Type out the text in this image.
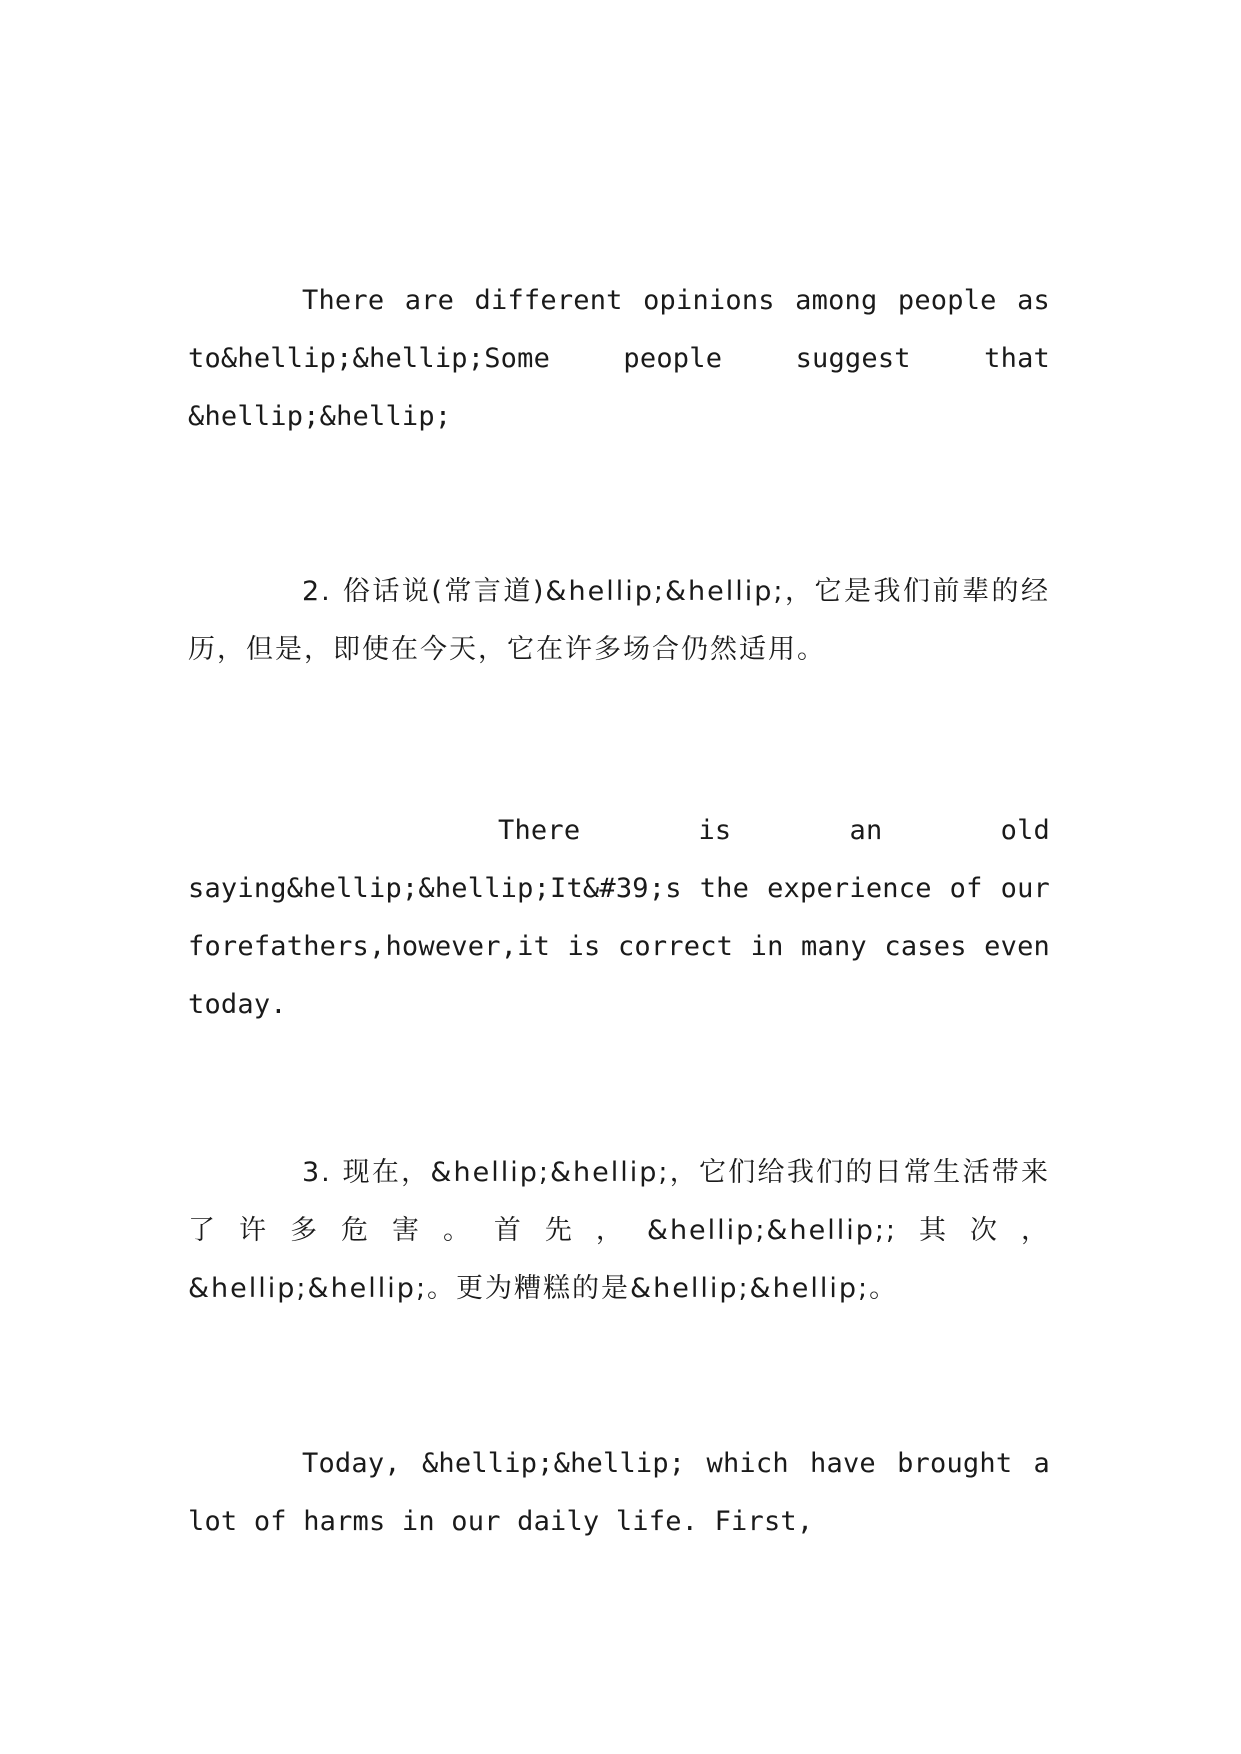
There are different opinions among people as to&hellip;&hellip;Some people suggest that &hellip;&hellip;

2. 俗话说(常言道)&hellip;&hellip;，它是我们前辈的经历，但是，即使在今天，它在许多场合仍然适用。

There is an old saying&hellip;&hellip;It&#39;s the experience of our forefathers,however,it is correct in many cases even today.

3. 现在，&hellip;&hellip;，它们给我们的日常生活带来了许多危害。首先，&hellip;&hellip;;其次，&hellip;&hellip;。更为糟糕的是&hellip;&hellip;。

Today, &hellip;&hellip; which have brought a lot of harms in our daily life. First,
